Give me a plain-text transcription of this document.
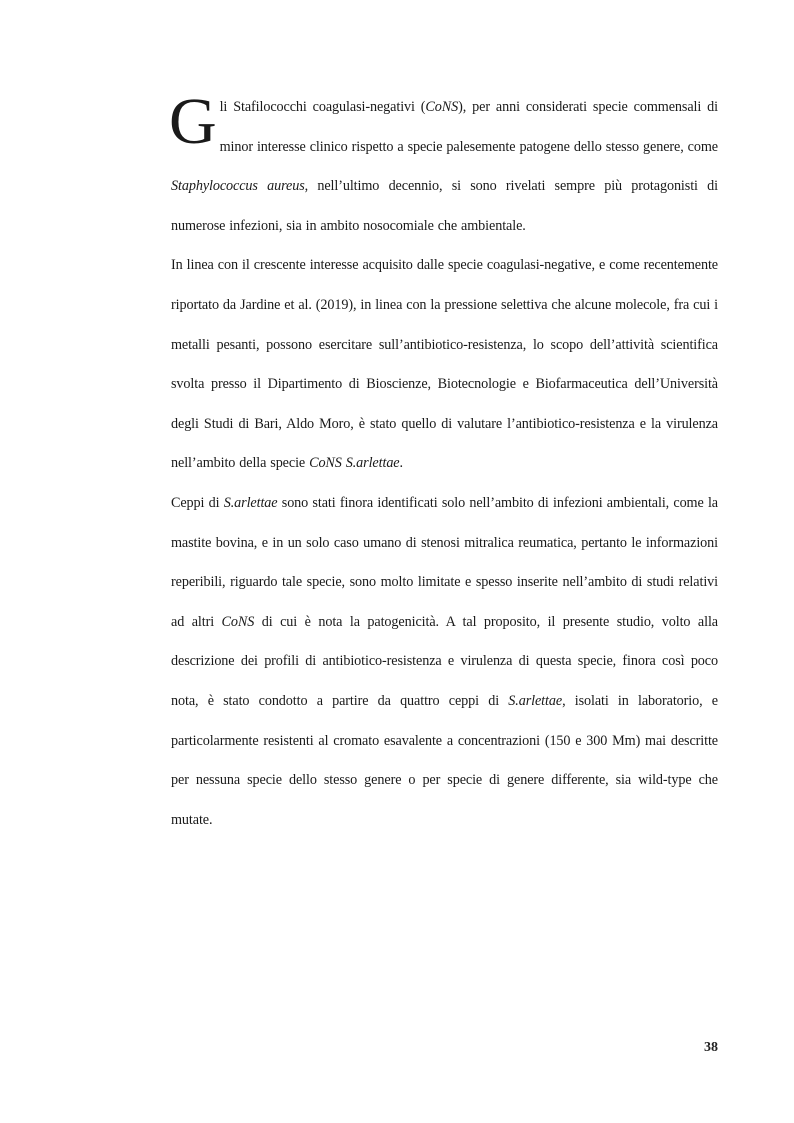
Gli Stafilococchi coagulasi-negativi (CoNS), per anni considerati specie commensali di minor interesse clinico rispetto a specie palesemente patogene dello stesso genere, come Staphylococcus aureus, nell’ultimo decennio, si sono rivelati sempre più protagonisti di numerose infezioni, sia in ambito nosocomiale che ambientale.

In linea con il crescente interesse acquisito dalle specie coagulasi-negative, e come recentemente riportato da Jardine et al. (2019), in linea con la pressione selettiva che alcune molecole, fra cui i metalli pesanti, possono esercitare sull’antibiotico-resistenza, lo scopo dell’attività scientifica svolta presso il Dipartimento di Bioscienze, Biotecnologie e Biofarmaceutica dell’Università degli Studi di Bari, Aldo Moro, è stato quello di valutare l’antibiotico-resistenza e la virulenza nell’ambito della specie CoNS S.arlettae.

Ceppi di S.arlettae sono stati finora identificati solo nell’ambito di infezioni ambientali, come la mastite bovina, e in un solo caso umano di stenosi mitralica reumatica, pertanto le informazioni reperibili, riguardo tale specie, sono molto limitate e spesso inserite nell’ambito di studi relativi ad altri CoNS di cui è nota la patogenicità. A tal proposito, il presente studio, volto alla descrizione dei profili di antibiotico-resistenza e virulenza di questa specie, finora così poco nota, è stato condotto a partire da quattro ceppi di S.arlettae, isolati in laboratorio, e particolarmente resistenti al cromato esavalente a concentrazioni (150 e 300 Mm) mai descritte per nessuna specie dello stesso genere o per specie di genere differente, sia wild-type che mutate.

38
